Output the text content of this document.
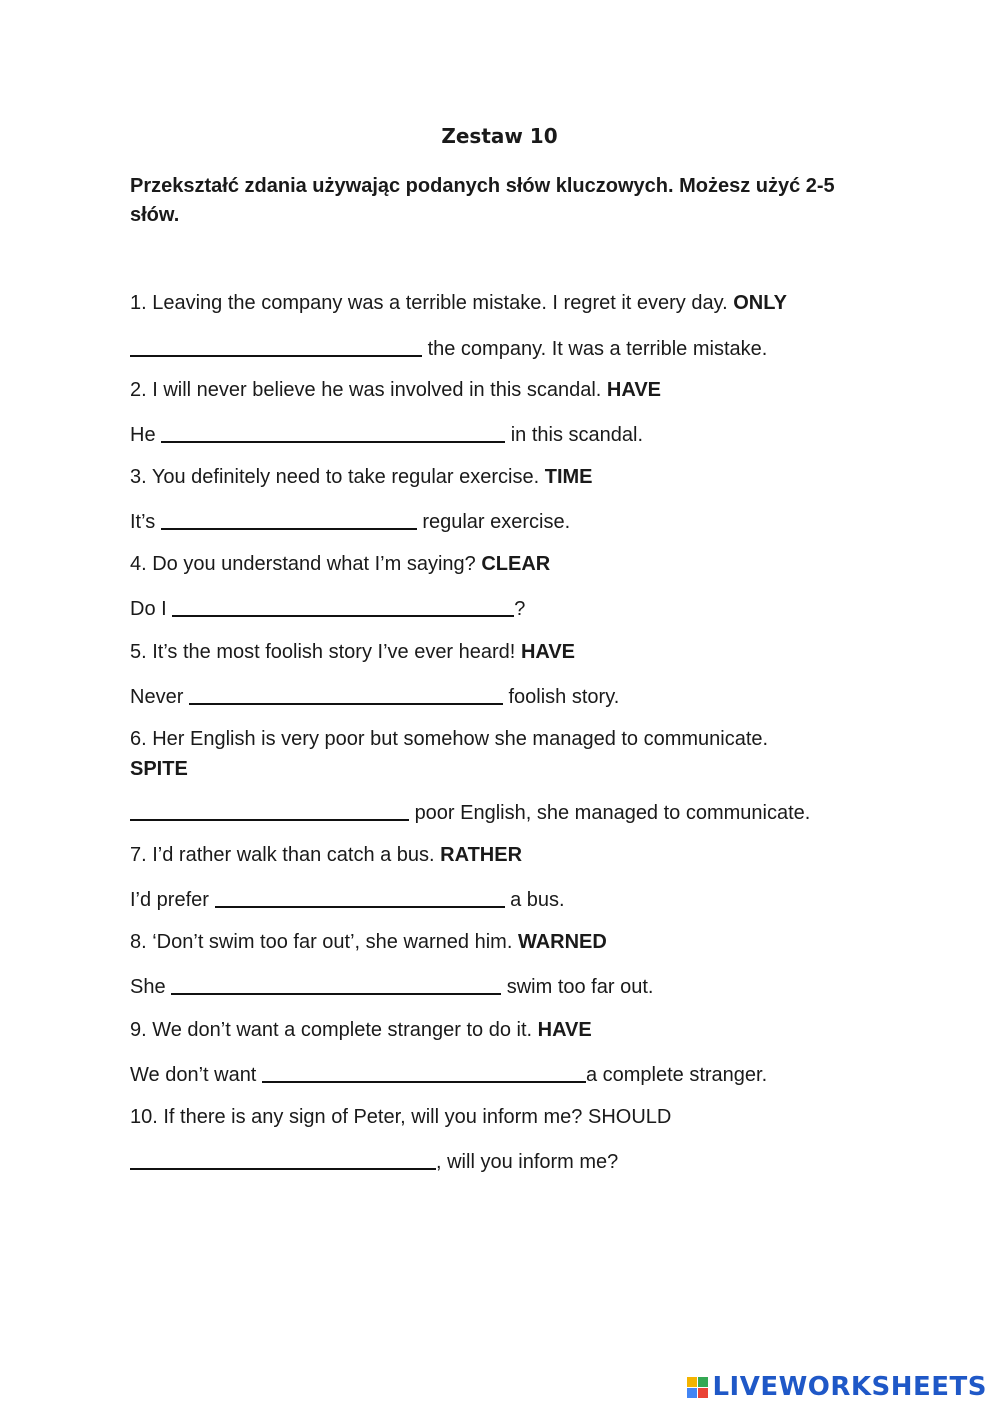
Zestaw 10
Przekształć zdania używając podanych słów kluczowych. Możesz użyć 2-5 słów.
1. Leaving the company was a terrible mistake. I regret it every day. ONLY
the company. It was a terrible mistake.
2. I will never believe he was involved in this scandal. HAVE
He	in this scandal.
3. You definitely need to take regular exercise. TIME
It’s	regular exercise.
4. Do you understand what I’m saying? CLEAR
Do I	?
5. It’s the most foolish story I’ve ever heard! HAVE
Never	foolish story.
6. Her English is very poor but somehow she managed to communicate.
SPITE
poor English, she managed to communicate.
7. I’d rather walk than catch a bus. RATHER
I’d prefer	a bus.
8. ‘Don’t swim too far out’, she warned him. WARNED
She	swim too far out.
9. We don’t want a complete stranger to do it. HAVE
We don’t want	a complete stranger.
10. If there is any sign of Peter, will you inform me? SHOULD
, will you inform me?
LIVEWORKSHEETS
